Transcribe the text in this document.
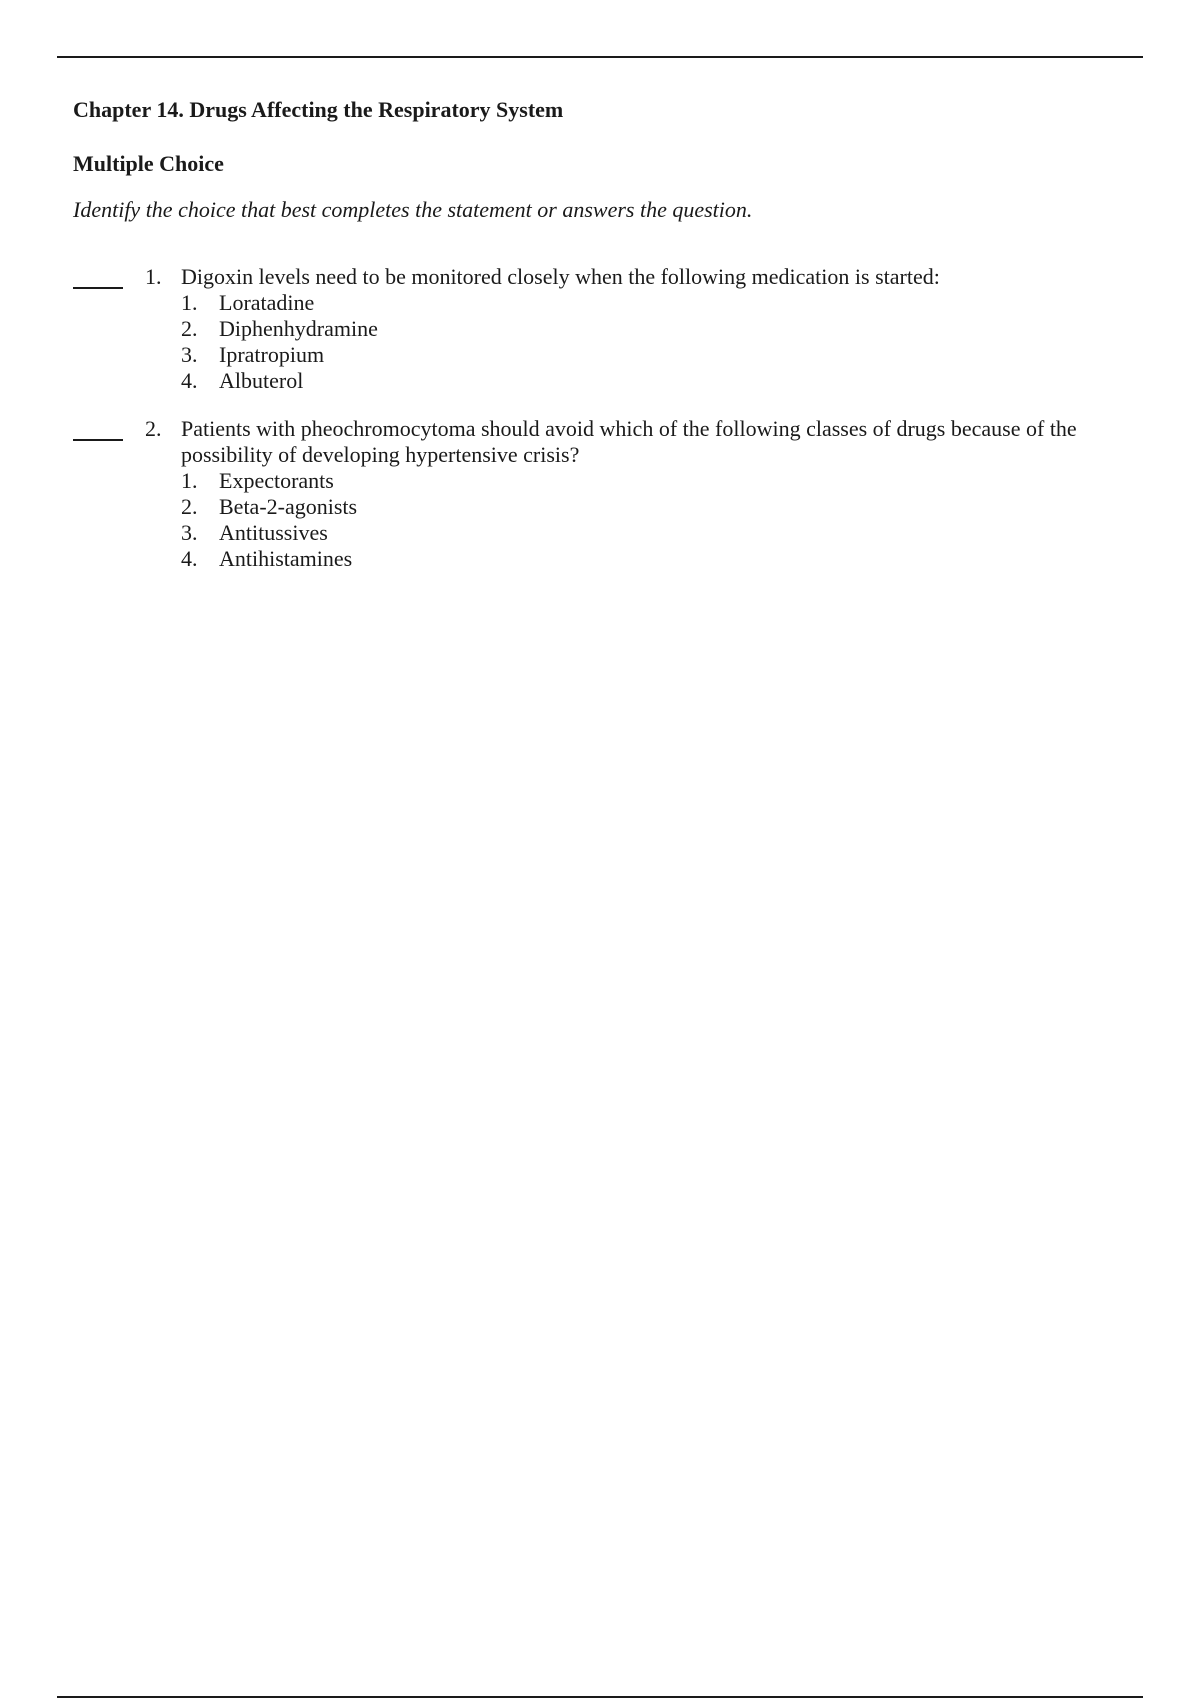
Chapter 14. Drugs Affecting the Respiratory System
Multiple Choice

Identify the choice that best completes the statement or answers the question.

1. Digoxin levels need to be monitored closely when the following medication is started:
1. Loratadine
2. Diphenhydramine
3. Ipratropium
4. Albuterol
2. Patients with pheochromocytoma should avoid which of the following classes of drugs because of the possibility of developing hypertensive crisis?
1. Expectorants
2. Beta-2-agonists
3. Antitussives
4. Antihistamines
